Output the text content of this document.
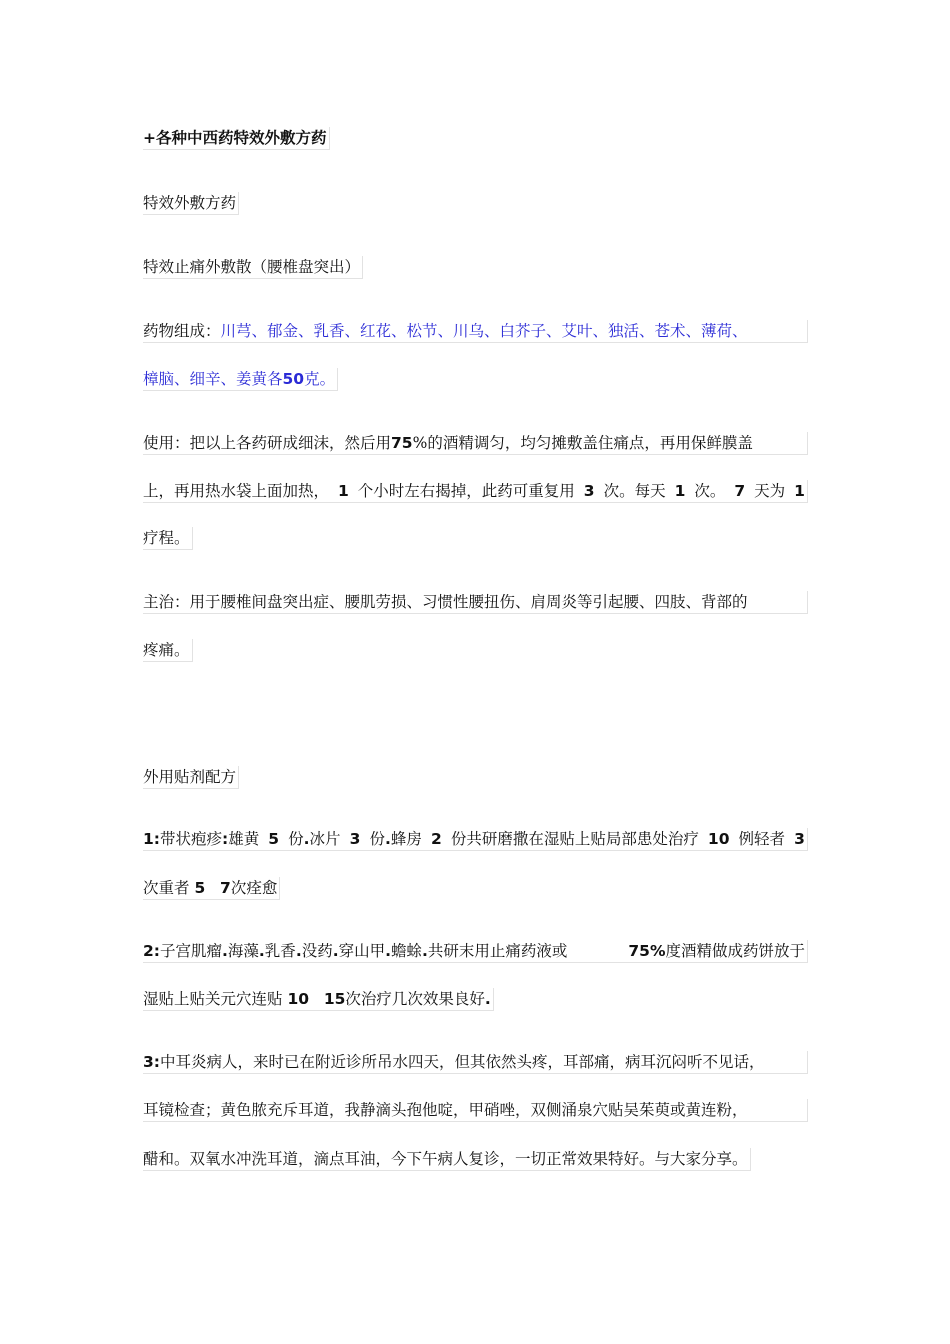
+各种中西药特效外敷方药
特效外敷方药
特效止痛外敷散（腰椎盘突出）
药物组成：川芎、郁金、乳香、红花、松节、川乌、白芥子、艾叶、独活、苍术、薄荷、
樟脑、细辛、姜黄各50克。
使用：把以上各药研成细沫，然后用75%的酒精调匀，均匀摊敷盖住痛点，再用保鲜膜盖
上，再用热水袋上面加热， 1 个小时左右揭掉，此药可重复用 3 次。每天 1 次。 7 天为 1
疗程。
主治：用于腰椎间盘突出症、腰肌劳损、习惯性腰扭伤、肩周炎等引起腰、四肢、背部的
疼痛。
外用贴剂配方
1:带状疱疹:雄黄 5 份.冰片 3 份.蜂房 2 份共研磨撒在湿贴上贴局部患处治疗 10 例轻者 3
次重者 5 7次痊愈
2:子宫肌瘤.海藻.乳香.没药.穿山甲.蟾蜍.共研末用止痛药液或	75%度酒精做成药饼放于
湿贴上贴关元穴连贴 10 15次治疗几次效果良好.
3:中耳炎病人，来时已在附近诊所吊水四天，但其依然头疼，耳部痛，病耳沉闷听不见话，
耳镜检查；黄色脓充斥耳道，我静滴头孢他啶，甲硝唑，双侧涌泉穴贴吴茱萸或黄连粉，
醋和。双氧水冲洗耳道，滴点耳油，今下午病人复诊，一切正常效果特好。与大家分享。
